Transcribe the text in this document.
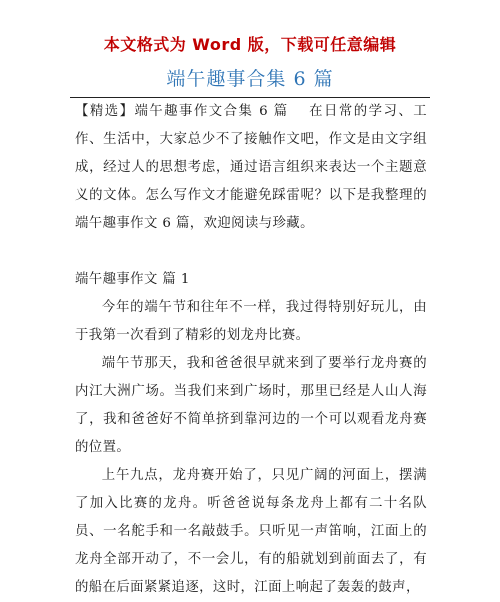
本文格式为 Word 版，下载可任意编辑
端午趣事合集 6 篇

【精选】端午趣事作文合集 6 篇　 在日常的学习、工作、生活中，大家总少不了接触作文吧，作文是由文字组成，经过人的思想考虑，通过语言组织来表达一个主题意义的文体。怎么写作文才能避免踩雷呢？以下是我整理的端午趣事作文 6 篇，欢迎阅读与珍藏。

端午趣事作文 篇 1

今年的端午节和往年不一样，我过得特别好玩儿，由于我第一次看到了精彩的划龙舟比赛。

端午节那天，我和爸爸很早就来到了要举行龙舟赛的内江大洲广场。当我们来到广场时，那里已经是人山人海了，我和爸爸好不简单挤到靠河边的一个可以观看龙舟赛的位置。

上午九点，龙舟赛开始了，只见广阔的河面上，摆满了加入比赛的龙舟。听爸爸说每条龙舟上都有二十名队员、一名舵手和一名敲鼓手。只听见一声笛响，江面上的龙舟全部开动了，不一会儿，有的船就划到前面去了，有的船在后面紧紧追逐，这时，江面上响起了轰轰的鼓声，
